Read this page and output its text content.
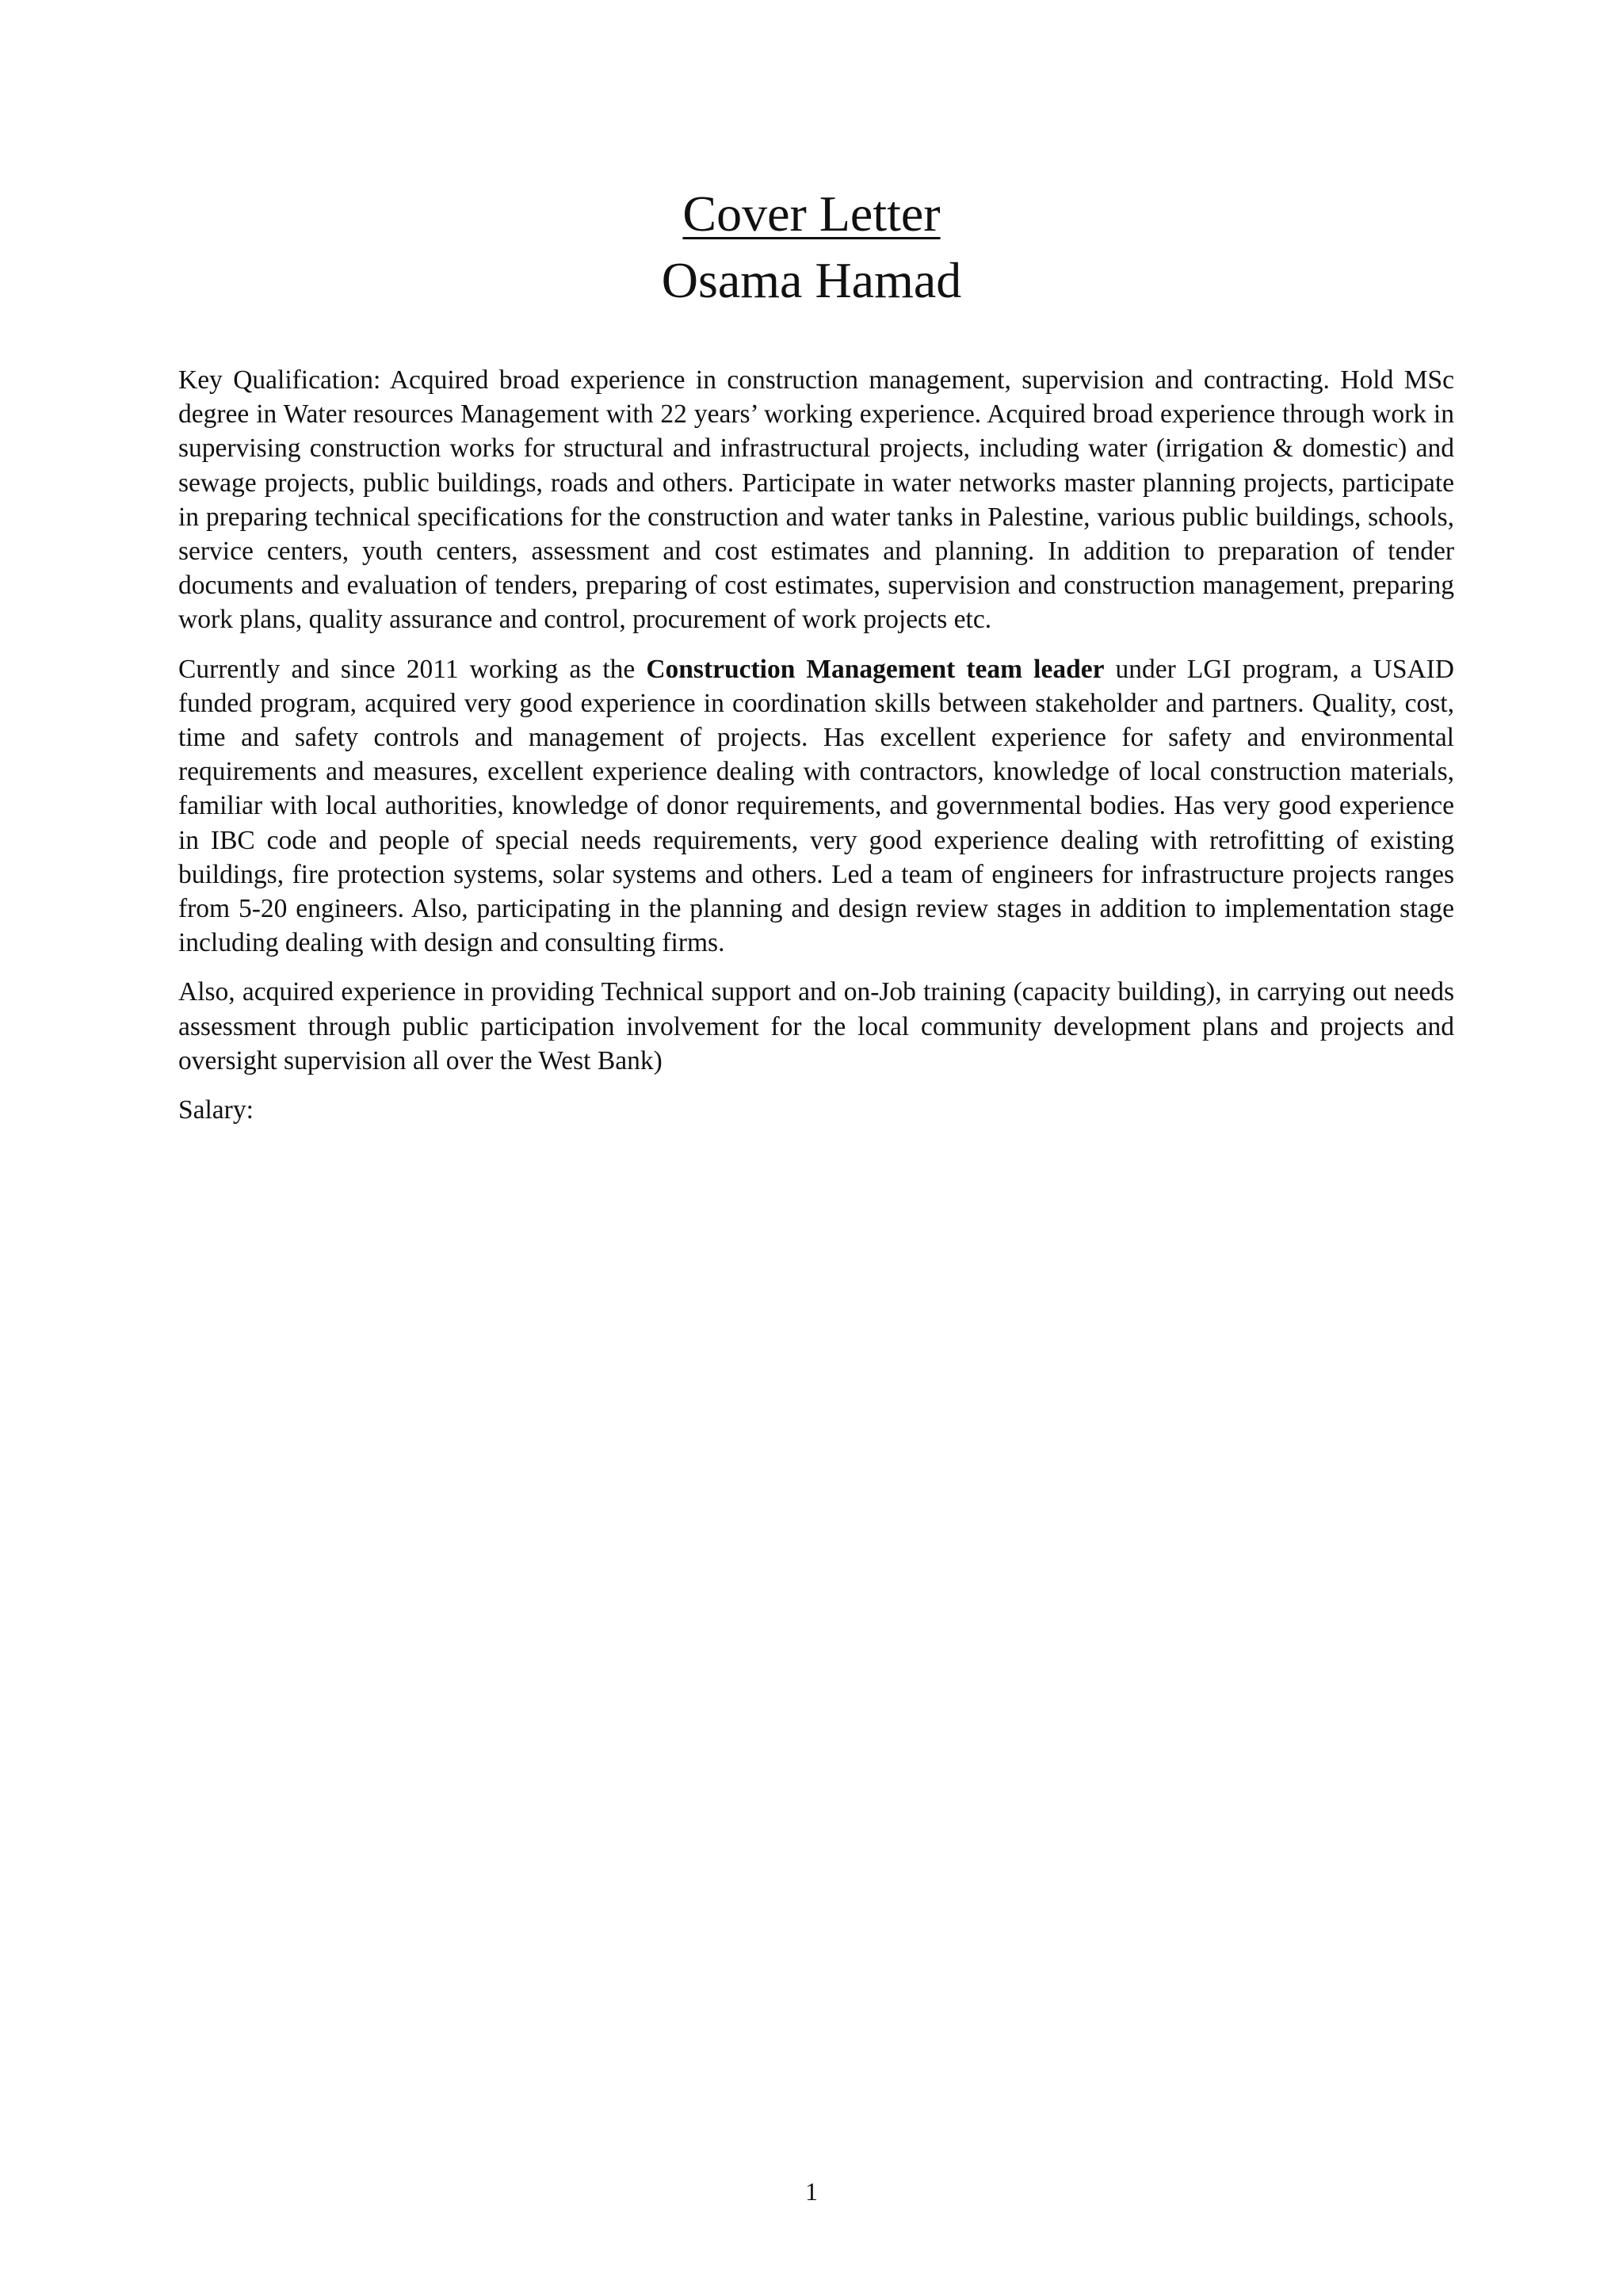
Cover Letter
Osama Hamad

Key Qualification: Acquired broad experience in construction management, supervision and contracting. Hold MSc degree in Water resources Management with 22 years’ working experience. Acquired broad experience through work in supervising construction works for structural and infrastructural projects, including water (irrigation & domestic) and sewage projects, public buildings, roads and others. Participate in water networks master planning projects, participate in preparing technical specifications for the construction and water tanks in Palestine, various public buildings, schools, service centers, youth centers, assessment and cost estimates and planning. In addition to preparation of tender documents and evaluation of tenders, preparing of cost estimates, supervision and construction management, preparing work plans, quality assurance and control, procurement of work projects etc.

Currently and since 2011 working as the Construction Management team leader under LGI program, a USAID funded program, acquired very good experience in coordination skills between stakeholder and partners. Quality, cost, time and safety controls and management of projects. Has excellent experience for safety and environmental requirements and measures, excellent experience dealing with contractors, knowledge of local construction materials, familiar with local authorities, knowledge of donor requirements, and governmental bodies. Has very good experience in IBC code and people of special needs requirements, very good experience dealing with retrofitting of existing buildings, fire protection systems, solar systems and others. Led a team of engineers for infrastructure projects ranges from 5-20 engineers. Also, participating in the planning and design review stages in addition to implementation stage including dealing with design and consulting firms.

Also, acquired experience in providing Technical support and on-Job training (capacity building), in carrying out needs assessment through public participation involvement for the local community development plans and projects and oversight supervision all over the West Bank)

Salary:

1
